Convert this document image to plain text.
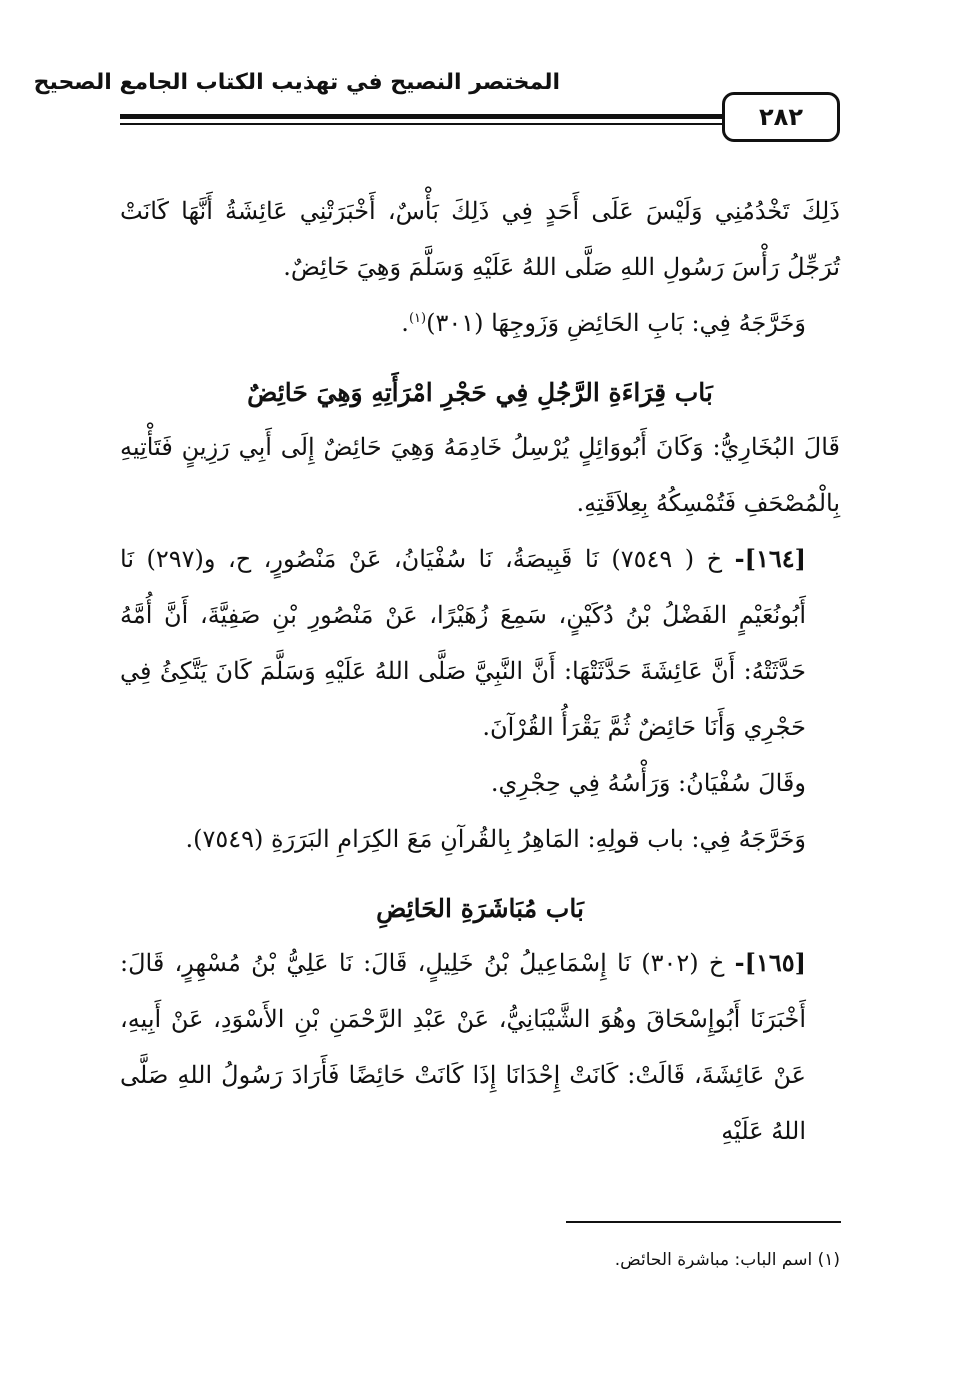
المختصر النصيح في تهذيب الكتاب الجامع الصحيح
٢٨٢

ذَلِكَ تَخْدُمُنِي وَلَيْسَ عَلَى أَحَدٍ فِي ذَلِكَ بَأْسٌ، أَخْبَرَتْنِي عَائِشَةُ أَنَّهَا كَانَتْ تُرَجِّلُ رَأْسَ رَسُولِ اللهِ صَلَّى اللهُ عَلَيْهِ وَسَلَّمَ وَهِيَ حَائِضٌ.

وَخَرَّجَهُ فِي: بَابِ الحَائِضِ وَزَوجِهَا (٣٠١)$^{(١)}$.

بَاب قِرَاءَةِ الرَّجُلِ فِي حَجْرِ امْرَأَتِهِ وَهِيَ حَائِضٌ

قَالَ البُخَارِيُّ: وَكَانَ أَبُووَائِلٍ يُرْسِلُ خَادِمَهُ وَهِيَ حَائِضٌ إِلَى أَبِي رَزِينٍ فَتَأْتِيهِ بِالْمُصْحَفِ فَتُمْسِكُهُ بِعِلاَقَتِهِ.

[١٦٤]- خ ( ٧٥٤٩) نَا قَبِيصَةُ، نَا سُفْيَانُ، عَنْ مَنْصُورٍ، ح، و(٢٩٧) نَا أَبُونُعَيْمٍ الفَضْلُ بْنُ دُكَيْنٍ، سَمِعَ زُهَيْرًا، عَنْ مَنْصُورِ بْنِ صَفِيَّةَ، أَنَّ أُمَّهُ حَدَّثَتْهُ: أَنَّ عَائِشَةَ حَدَّثَتْهَا: أَنَّ النَّبِيَّ صَلَّى اللهُ عَلَيْهِ وَسَلَّمَ كَانَ يَتَّكِئُ فِي حَجْرِي وَأَنَا حَائِضٌ ثُمَّ يَقْرَأُ القُرْآنَ.

وقَالَ سُفْيَانُ: وَرَأْسُهُ فِي حِجْرِي.

وَخَرَّجَهُ فِي: باب قولِهِ: المَاهِرُ بِالقُرآنِ مَعَ الكِرَامِ البَرَرَةِ (٧٥٤٩).

بَاب مُبَاشَرَةِ الحَائِضِ

[١٦٥]- خ (٣٠٢) نَا إِسْمَاعِيلُ بْنُ خَلِيلٍ، قَالَ: نَا عَلِيُّ بْنُ مُسْهِرٍ، قَالَ: أَخْبَرَنَا أَبُوإِسْحَاقَ وهُوَ الشَّيْبَانِيُّ، عَنْ عَبْدِ الرَّحْمَنِ بْنِ الأَسْوَدِ، عَنْ أَبِيهِ، عَنْ عَائِشَةَ، قَالَتْ: كَانَتْ إِحْدَانَا إِذَا كَانَتْ حَائِضًا فَأَرَادَ رَسُولُ اللهِ صَلَّى اللهُ عَلَيْهِ

(١) اسم الباب: مباشرة الحائض.
